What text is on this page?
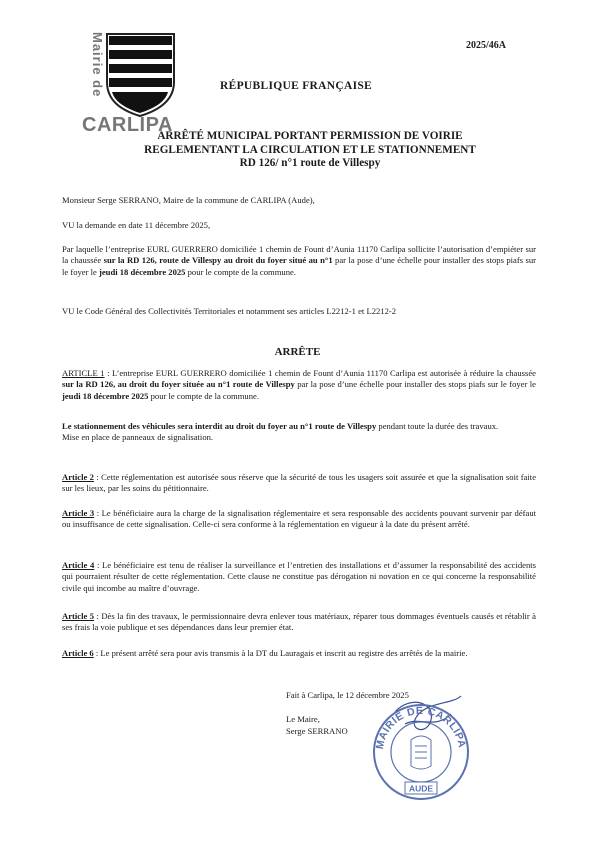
2025/46A
Mairie de
CARLIPA
RÉPUBLIQUE FRANÇAISE
ARRÊTÉ MUNICIPAL PORTANT PERMISSION DE VOIRIE
REGLEMENTANT LA CIRCULATION ET LE STATIONNEMENT
RD 126/ n°1 route de Villespy
Monsieur Serge SERRANO, Maire de la commune de CARLIPA (Aude),
VU la demande en date 11 décembre 2025,
Par laquelle l’entreprise EURL GUERRERO domiciliée 1 chemin de Fount d’Aunia 11170 Carlipa sollicite l’autorisation d’empiéter sur la chaussée sur la RD 126, route de Villespy au droit du foyer situé au n°1 par la pose d’une échelle pour installer des stops piafs sur le foyer le jeudi 18 décembre 2025 pour le compte de la commune.
VU le Code Général des Collectivités Territoriales et notamment ses articles L2212-1 et L2212-2
ARRÊTE
ARTICLE 1 : L’entreprise EURL GUERRERO domiciliée 1 chemin de Fount d’Aunia 11170 Carlipa est autorisée à réduire la chaussée sur la RD 126, au droit du foyer située au n°1 route de Villespy par la pose d’une échelle pour installer des stops piafs sur le foyer le jeudi 18 décembre 2025 pour le compte de la commune.
Le stationnement des véhicules sera interdit au droit du foyer au n°1 route de Villespy pendant toute la durée des travaux.
Mise en place de panneaux de signalisation.
Article 2 : Cette réglementation est autorisée sous réserve que la sécurité de tous les usagers soit assurée et que la signalisation soit faite sur les lieux, par les soins du pétitionnaire.
Article 3 : Le bénéficiaire aura la charge de la signalisation réglementaire et sera responsable des accidents pouvant survenir par défaut ou insuffisance de cette signalisation. Celle-ci sera conforme à la réglementation en vigueur à la date du présent arrêté.
Article 4 : Le bénéficiaire est tenu de réaliser la surveillance et l’entretien des installations et d’assumer la responsabilité des accidents qui pourraient résulter de cette réglementation. Cette clause ne constitue pas dérogation ni novation en ce qui concerne la responsabilité civile qui incombe au maître d’ouvrage.
Article 5 : Dès la fin des travaux, le permissionnaire devra enlever tous matériaux, réparer tous dommages éventuels causés et rétablir à ses frais la voie publique et ses dépendances dans leur premier état.
Article 6 : Le présent arrêté sera pour avis transmis à la DT du Lauragais et inscrit au registre des arrêtés de la mairie.
Fait à Carlipa, le 12 décembre 2025
Le Maire,
Serge SERRANO
MAIRIE DE CARLIPA
AUDE
